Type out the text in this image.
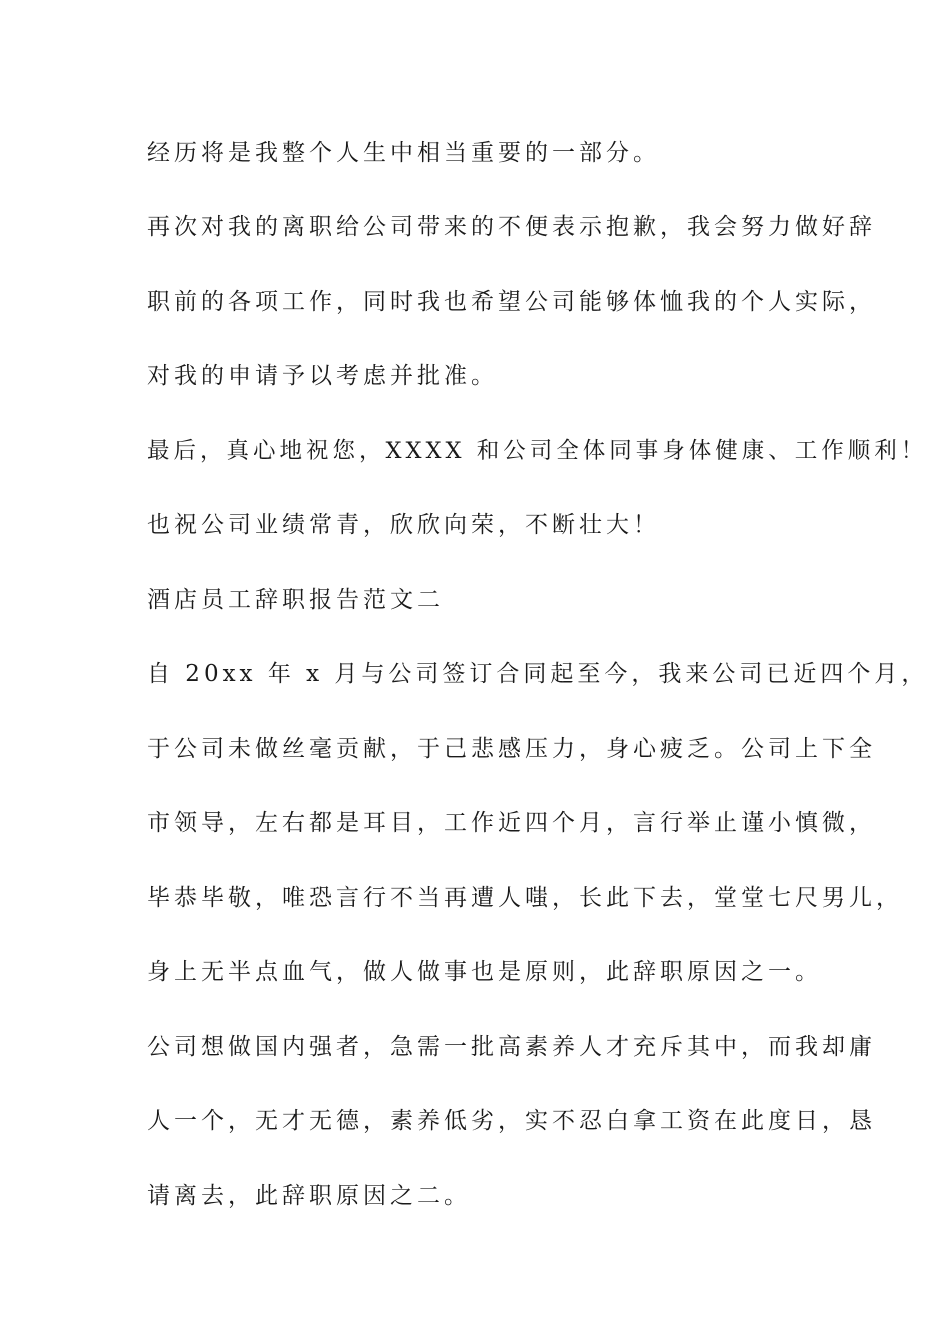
经历将是我整个人生中相当重要的一部分。
再次对我的离职给公司带来的不便表示抱歉，我会努力做好辞
职前的各项工作，同时我也希望公司能够体恤我的个人实际，
对我的申请予以考虑并批准。
最后，真心地祝您，XXXX 和公司全体同事身体健康、工作顺利！
也祝公司业绩常青，欣欣向荣，不断壮大！
酒店员工辞职报告范文二
自 20xx 年 x 月与公司签订合同起至今，我来公司已近四个月，
于公司未做丝毫贡献，于己悲感压力，身心疲乏。公司上下全
市领导，左右都是耳目，工作近四个月，言行举止谨小慎微，
毕恭毕敬，唯恐言行不当再遭人嗤，长此下去，堂堂七尺男儿，
身上无半点血气，做人做事也是原则，此辞职原因之一。
公司想做国内强者，急需一批高素养人才充斥其中，而我却庸
人一个，无才无德，素养低劣，实不忍白拿工资在此度日，恳
请离去，此辞职原因之二。
